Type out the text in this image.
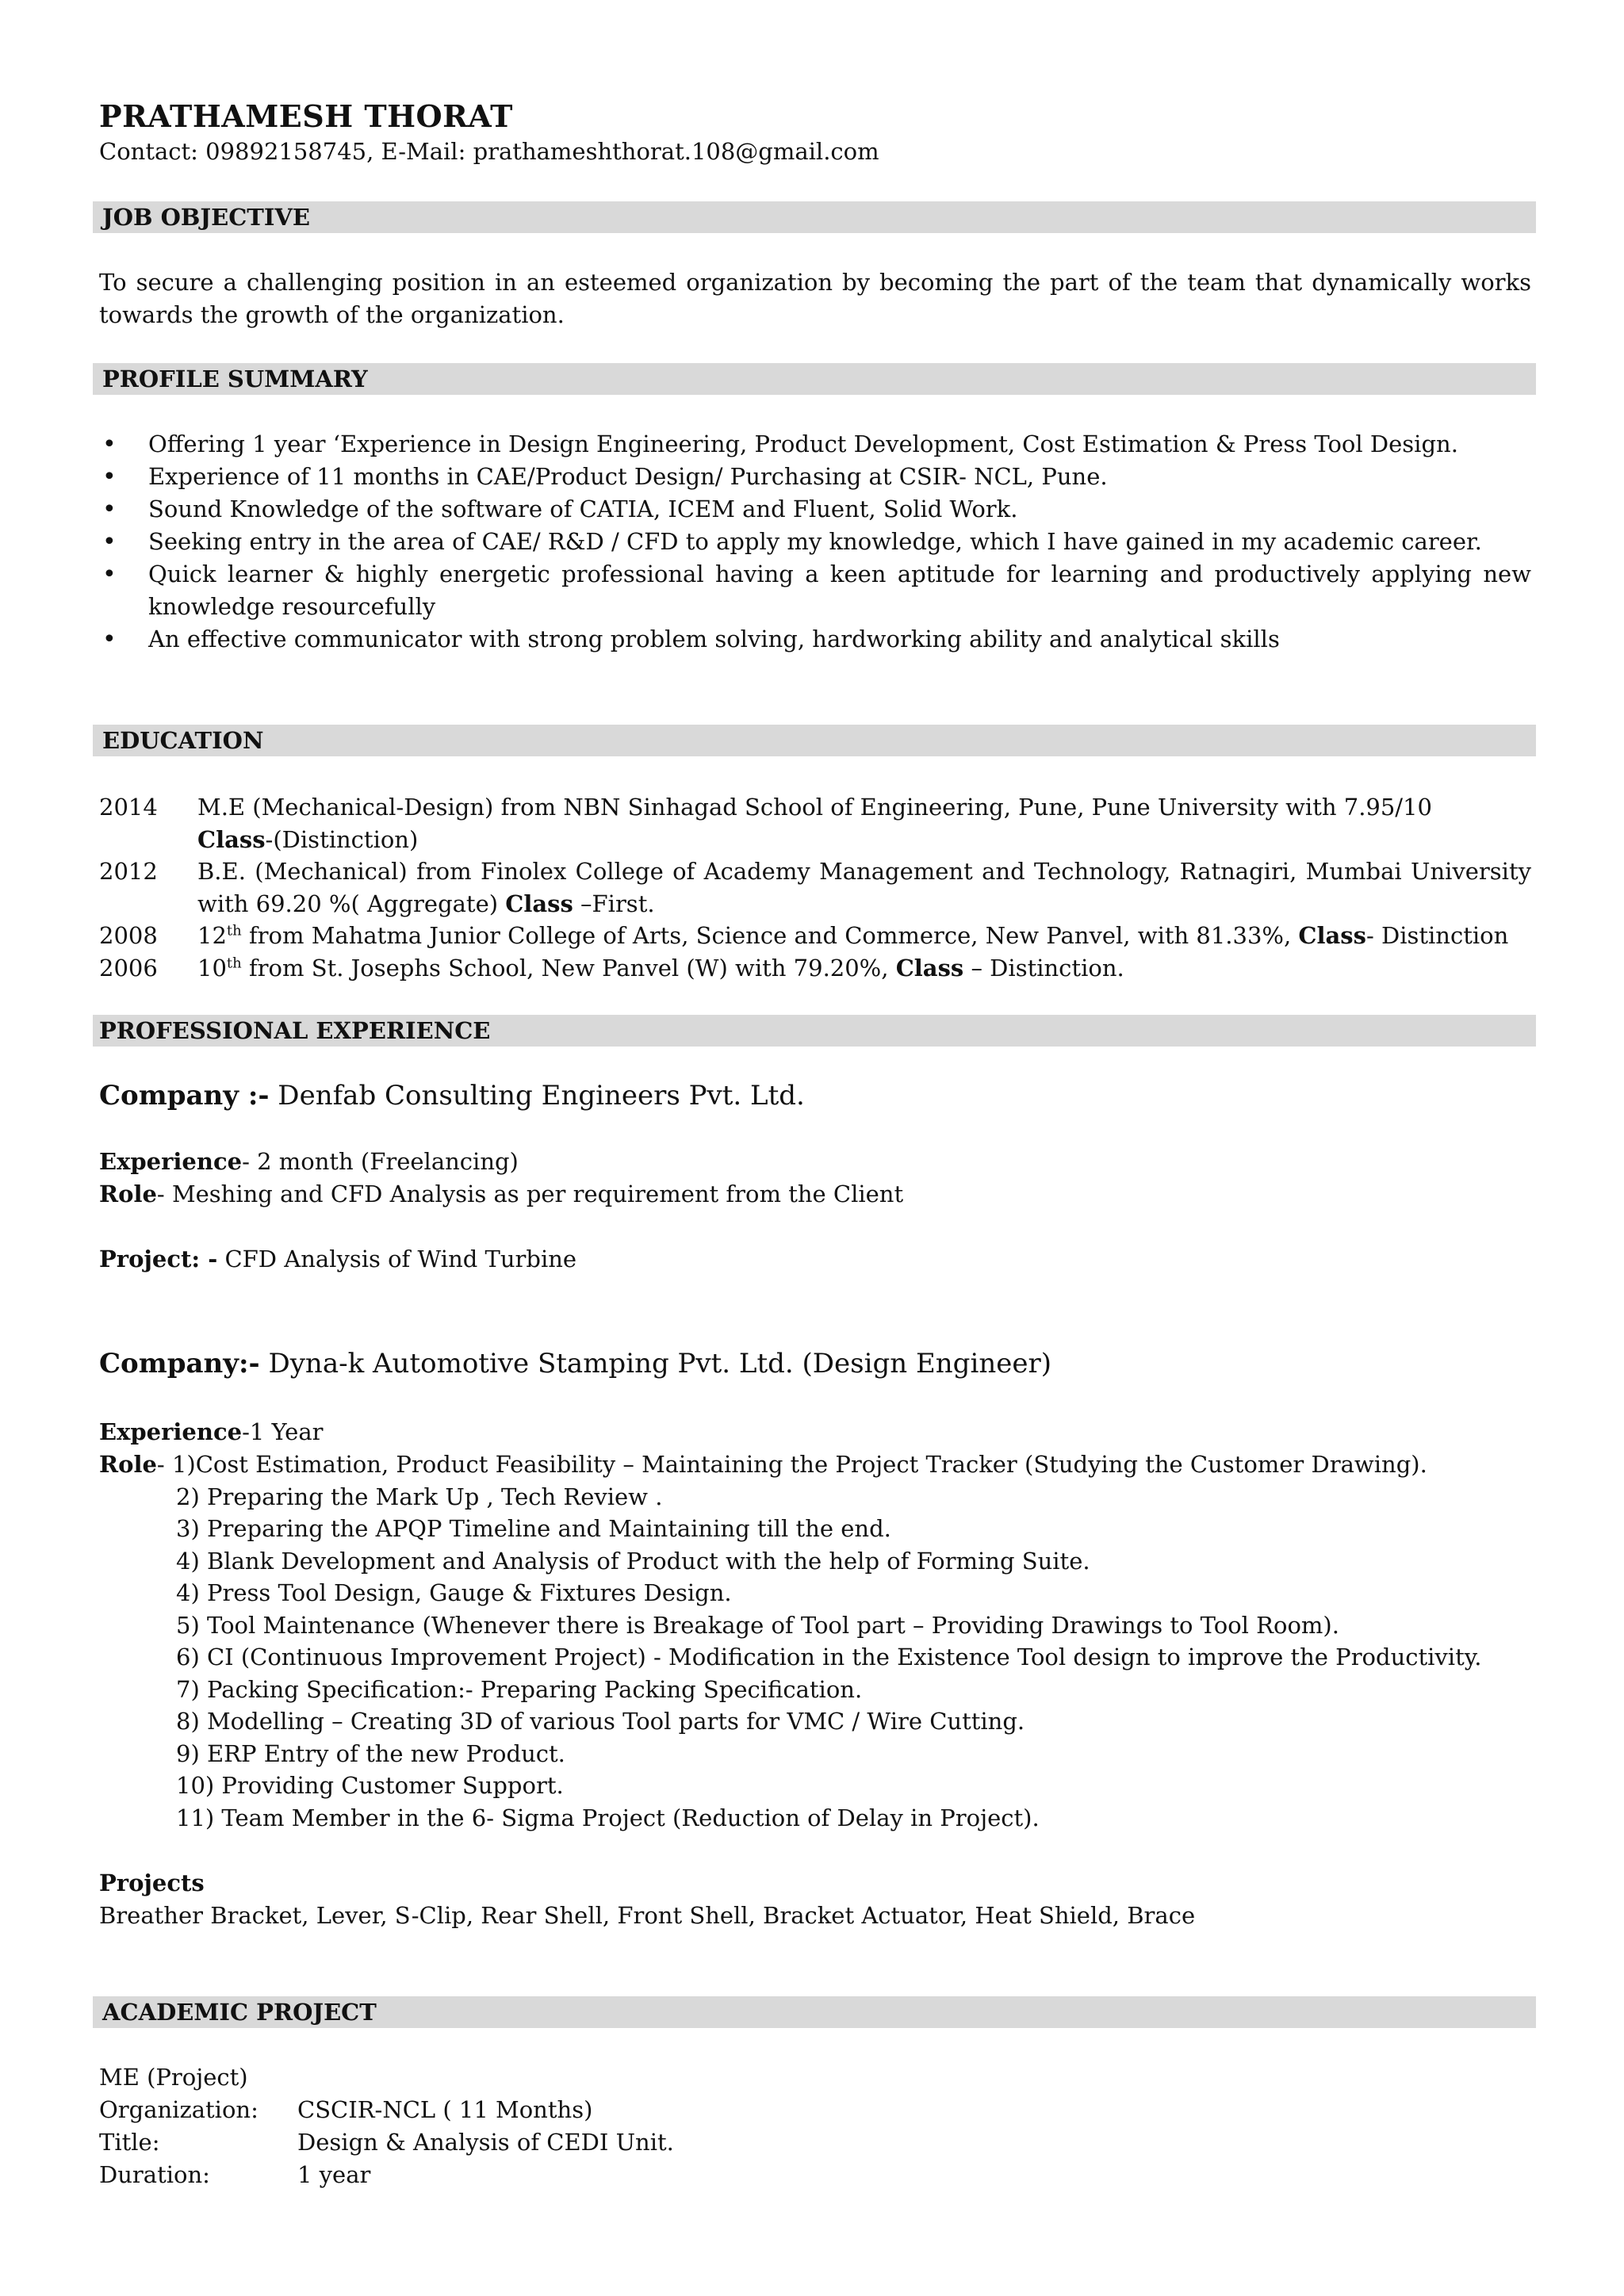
PRATHAMESH THORAT
Contact: 09892158745, E-Mail: prathameshthorat.108@gmail.com
JOB OBJECTIVE
To secure a challenging position in an esteemed organization by becoming the part of the team that dynamically works towards the growth of the organization.
PROFILE SUMMARY
• Offering 1 year ‘Experience in Design Engineering, Product Development, Cost Estimation & Press Tool Design.
• Experience of 11 months in CAE/Product Design/ Purchasing at CSIR- NCL, Pune.
• Sound Knowledge of the software of CATIA, ICEM and Fluent, Solid Work.
• Seeking entry in the area of CAE/ R&D / CFD to apply my knowledge, which I have gained in my academic career.
• Quick learner & highly energetic professional having a keen aptitude for learning and productively applying new knowledge resourcefully
• An effective communicator with strong problem solving, hardworking ability and analytical skills
EDUCATION
2014 M.E (Mechanical-Design) from NBN Sinhagad School of Engineering, Pune, Pune University with 7.95/10
Class-(Distinction)
2012 B.E. (Mechanical) from Finolex College of Academy Management and Technology, Ratnagiri, Mumbai University with 69.20 %( Aggregate) Class –First.
2008 12th from Mahatma Junior College of Arts, Science and Commerce, New Panvel, with 81.33%, Class- Distinction
2006 10th from St. Josephs School, New Panvel (W) with 79.20%, Class – Distinction.
PROFESSIONAL EXPERIENCE
Company :- Denfab Consulting Engineers Pvt. Ltd.
Experience- 2 month (Freelancing)
Role- Meshing and CFD Analysis as per requirement from the Client
Project: - CFD Analysis of Wind Turbine
Company:- Dyna-k Automotive Stamping Pvt. Ltd. (Design Engineer)
Experience-1 Year
Role- 1)Cost Estimation, Product Feasibility – Maintaining the Project Tracker (Studying the Customer Drawing).
2) Preparing the Mark Up , Tech Review .
3) Preparing the APQP Timeline and Maintaining till the end.
4) Blank Development and Analysis of Product with the help of Forming Suite.
4) Press Tool Design, Gauge & Fixtures Design.
5) Tool Maintenance (Whenever there is Breakage of Tool part – Providing Drawings to Tool Room).
6) CI (Continuous Improvement Project) - Modification in the Existence Tool design to improve the Productivity.
7) Packing Specification:- Preparing Packing Specification.
8) Modelling – Creating 3D of various Tool parts for VMC / Wire Cutting.
9) ERP Entry of the new Product.
10) Providing Customer Support.
11) Team Member in the 6- Sigma Project (Reduction of Delay in Project).
Projects
Breather Bracket, Lever, S-Clip, Rear Shell, Front Shell, Bracket Actuator, Heat Shield, Brace
ACADEMIC PROJECT
ME (Project)
Organization: CSCIR-NCL ( 11 Months)
Title:	Design & Analysis of CEDI Unit.
Duration:	1 year
